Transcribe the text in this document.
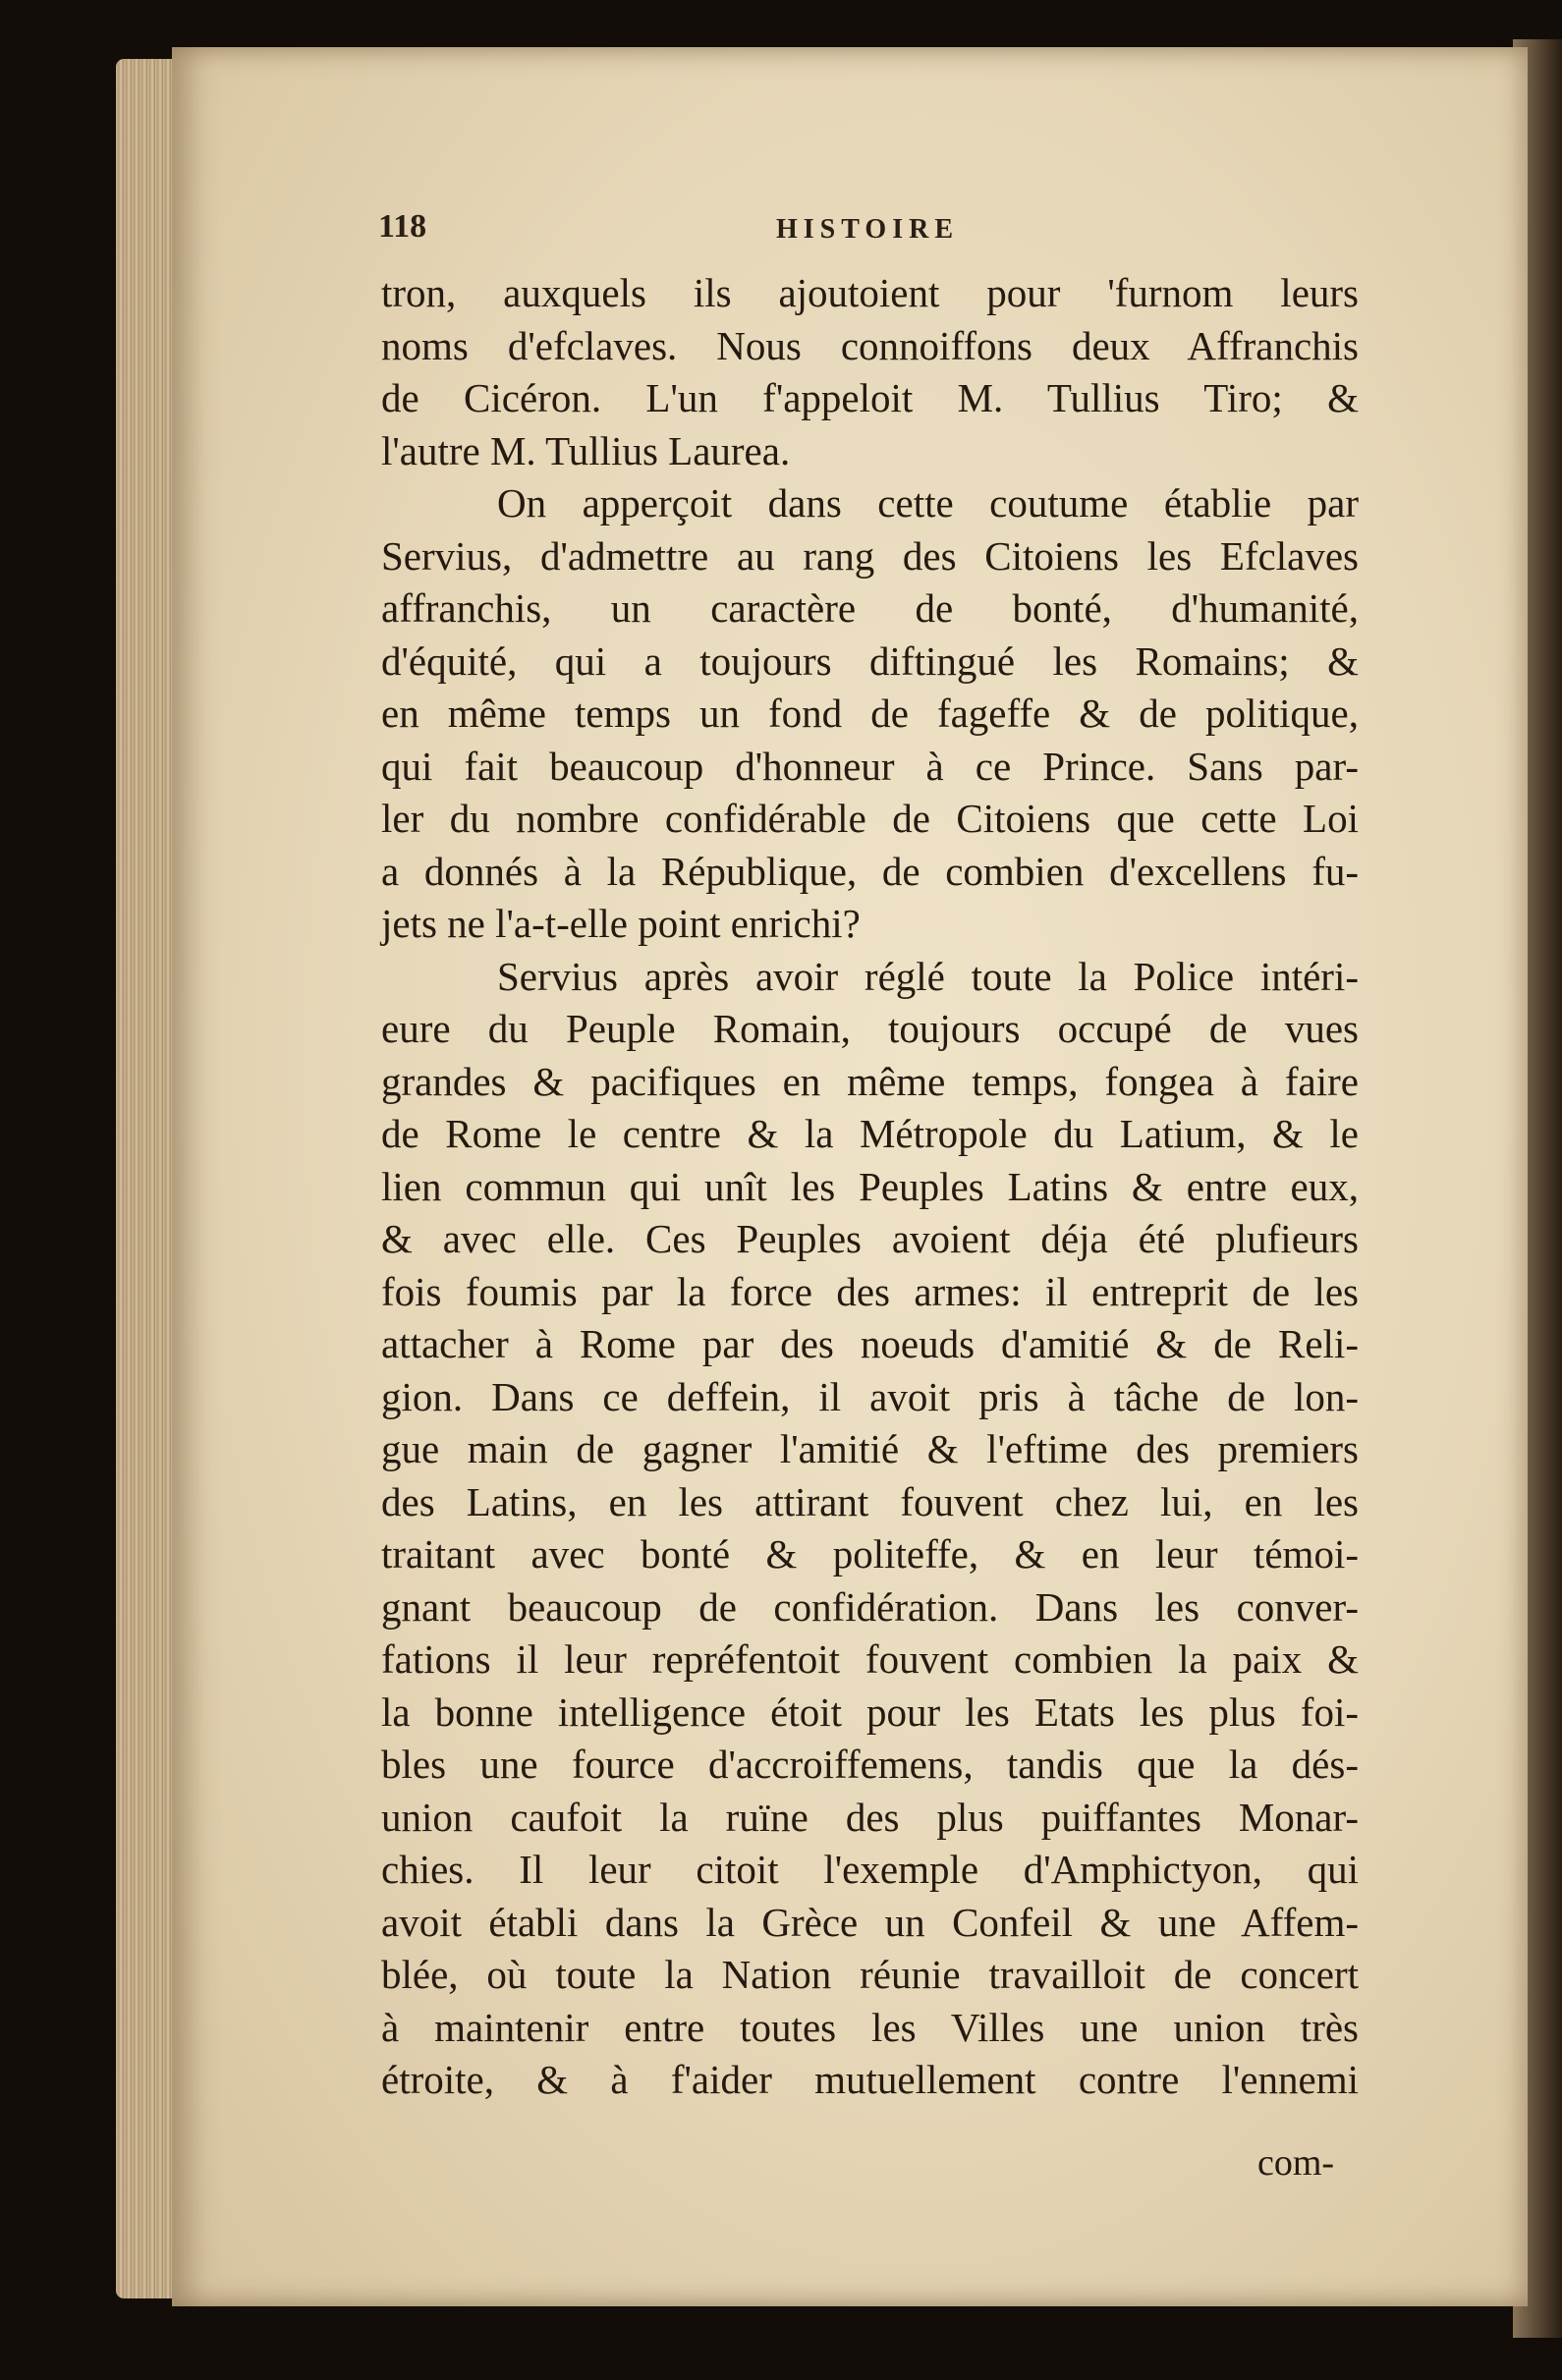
118	HISTOIRE

tron, auxquels ils ajoutoient pour 'furnom leurs
noms d'efclaves. Nous connoiffons deux Affranchis
de Cicéron. L'un f'appeloit M. Tullius Tiro; &
l'autre M. Tullius Laurea.
On apperçoit dans cette coutume établie par
Servius, d'admettre au rang des Citoiens les Efclaves
affranchis, un caractère de bonté, d'humanité,
d'équité, qui a toujours diftingué les Romains; &
en même temps un fond de fageffe & de politique,
qui fait beaucoup d'honneur à ce Prince. Sans par-
ler du nombre confidérable de Citoiens que cette Loi
a donnés à la République, de combien d'excellens fu-
jets ne l'a-t-elle point enrichi?
Servius après avoir réglé toute la Police intéri-
eure du Peuple Romain, toujours occupé de vues
grandes & pacifiques en même temps, fongea à faire
de Rome le centre & la Métropole du Latium, & le
lien commun qui unît les Peuples Latins & entre eux,
& avec elle. Ces Peuples avoient déja été plufieurs
fois foumis par la force des armes: il entreprit de les
attacher à Rome par des noeuds d'amitié & de Reli-
gion. Dans ce deffein, il avoit pris à tâche de lon-
gue main de gagner l'amitié & l'eftime des premiers
des Latins, en les attirant fouvent chez lui, en les
traitant avec bonté & politeffe, & en leur témoi-
gnant beaucoup de confidération. Dans les conver-
fations il leur repréfentoit fouvent combien la paix &
la bonne intelligence étoit pour les Etats les plus foi-
bles une fource d'accroiffemens, tandis que la dés-
union caufoit la ruïne des plus puiffantes Monar-
chies. Il leur citoit l'exemple d'Amphictyon, qui
avoit établi dans la Grèce un Confeil & une Affem-
blée, où toute la Nation réunie travailloit de concert
à maintenir entre toutes les Villes une union très
étroite, & à f'aider mutuellement contre l'ennemi

com-
